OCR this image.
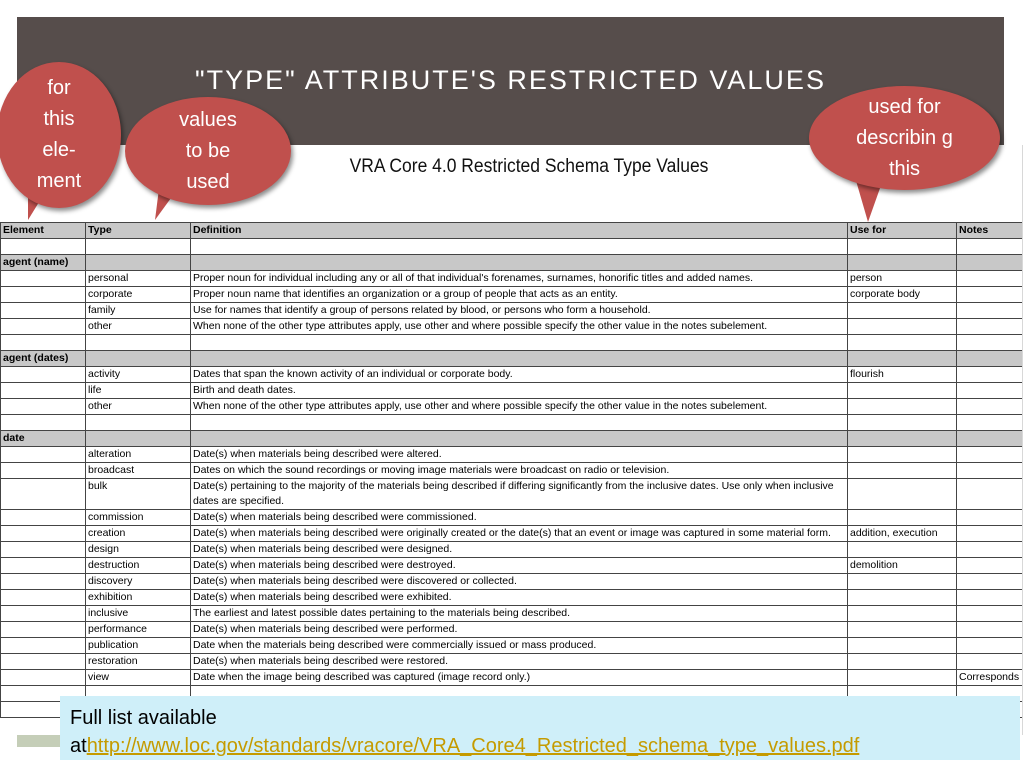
"TYPE" ATTRIBUTE'S RESTRICTED VALUES
VRA Core 4.0 Restricted Schema Type Values
Element	Type	Definition	Use for	Notes

agent (name)				
	personal	Proper noun for individual including any or all of that individual's forenames, surnames, honorific titles and added names.	person	
	corporate	Proper noun name that identifies an organization or a group of people that acts as an entity.	corporate body	
	family	Use for names that identify a group of persons related by blood, or persons who form a household.		
	other	When none of the other type attributes apply, use other and where possible specify the other value in the notes subelement.		

agent (dates)				
	activity	Dates that span the known activity of an individual or corporate body.	flourish	
	life	Birth and death dates.		
	other	When none of the other type attributes apply, use other and where possible specify the other value in the notes subelement.		

date				
	alteration	Date(s) when materials being described were altered.		
	broadcast	Dates on which the sound recordings or moving image materials were broadcast on radio or television.		
	bulk	Date(s) pertaining to the majority of the materials being described if differing significantly from the inclusive dates. Use only when inclusive dates are specified.		
	commission	Date(s) when materials being described were commissioned.		
	creation	Date(s) when materials being described were originally created or the date(s) that an event or image was captured in some material form.	addition, execution	
	design	Date(s) when materials being described were designed.		
	destruction	Date(s) when materials being described were destroyed.	demolition	
	discovery	Date(s) when materials being described were discovered or collected.		
	exhibition	Date(s) when materials being described were exhibited.		
	inclusive	The earliest and latest possible dates pertaining to the materials being described.		
	performance	Date(s) when materials being described were performed.		
	publication	Date when the materials being described were commercially issued or mass produced.		
	restoration	Date(s) when materials being described were restored.		
	view	Date when the image being described was captured (image record only.)		Corresponds

for this ele- ment
values to be used
used for describin g this
Full list available athttp://www.loc.gov/standards/vracore/VRA_Core4_Restricted_schema_type_values.pdf
